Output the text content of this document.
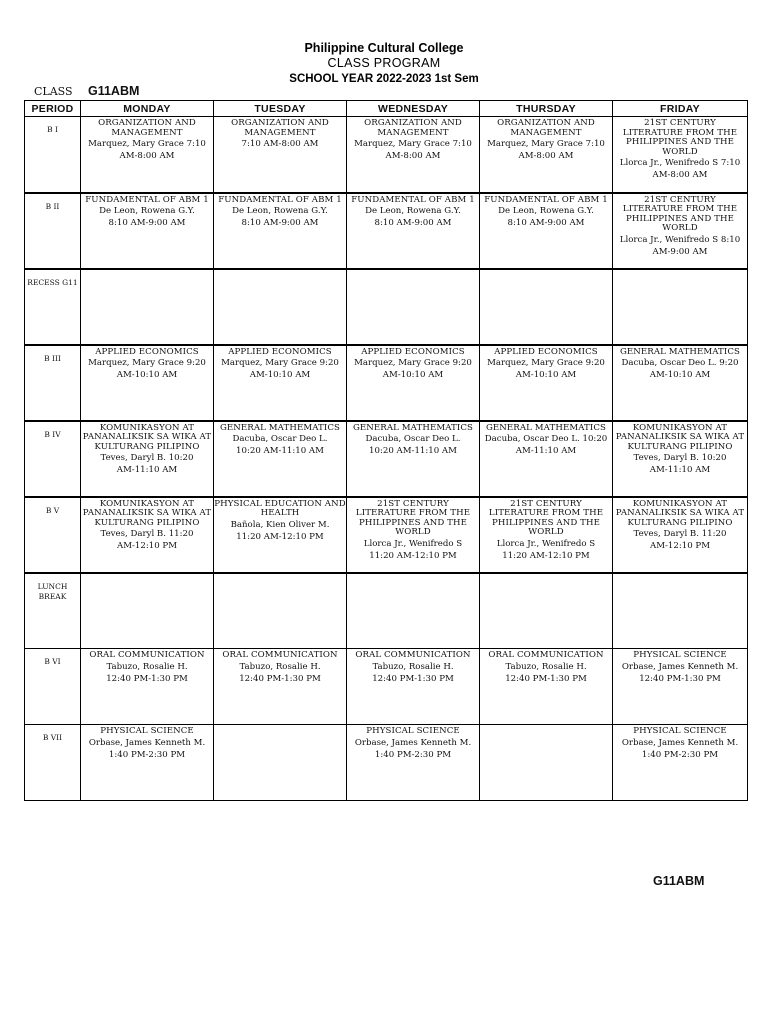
Philippine Cultural College
CLASS PROGRAM
SCHOOL YEAR 2022-2023 1st Sem
CLASS G11ABM
PERIOD	MONDAY	TUESDAY	WEDNESDAY	THURSDAY	FRIDAY
B I	ORGANIZATION AND MANAGEMENT
Marquez, Mary Grace 7:10
AM-8:00 AM	ORGANIZATION AND MANAGEMENT
7:10 AM-8:00 AM	ORGANIZATION AND MANAGEMENT
Marquez, Mary Grace 7:10
AM-8:00 AM	ORGANIZATION AND MANAGEMENT
Marquez, Mary Grace 7:10
AM-8:00 AM	21ST CENTURY LITERATURE FROM THE PHILIPPINES AND THE WORLD
Llorca Jr., Wenifredo S 7:10
AM-8:00 AM

B II	FUNDAMENTAL OF ABM 1
De Leon, Rowena G.Y.
8:10 AM-9:00 AM	FUNDAMENTAL OF ABM 1
De Leon, Rowena G.Y.
8:10 AM-9:00 AM	FUNDAMENTAL OF ABM 1
De Leon, Rowena G.Y.
8:10 AM-9:00 AM	FUNDAMENTAL OF ABM 1
De Leon, Rowena G.Y.
8:10 AM-9:00 AM	21ST CENTURY LITERATURE FROM THE PHILIPPINES AND THE WORLD
Llorca Jr., Wenifredo S 8:10
AM-9:00 AM

RECESS G11	

B III	APPLIED ECONOMICS
Marquez, Mary Grace 9:20
AM-10:10 AM	APPLIED ECONOMICS
Marquez, Mary Grace 9:20
AM-10:10 AM	APPLIED ECONOMICS
Marquez, Mary Grace 9:20
AM-10:10 AM	APPLIED ECONOMICS
Marquez, Mary Grace 9:20
AM-10:10 AM	GENERAL MATHEMATICS
Dacuba, Oscar Deo L. 9:20
AM-10:10 AM

B IV	KOMUNIKASYON AT PANANALIKSIK SA WIKA AT KULTURANG PILIPINO
Teves, Daryl B. 10:20
AM-11:10 AM	GENERAL MATHEMATICS
Dacuba, Oscar Deo L.
10:20 AM-11:10 AM	GENERAL MATHEMATICS
Dacuba, Oscar Deo L.
10:20 AM-11:10 AM	GENERAL MATHEMATICS
Dacuba, Oscar Deo L. 10:20
AM-11:10 AM	KOMUNIKASYON AT PANANALIKSIK SA WIKA AT KULTURANG PILIPINO
Teves, Daryl B. 10:20
AM-11:10 AM

B V	KOMUNIKASYON AT PANANALIKSIK SA WIKA AT KULTURANG PILIPINO
Teves, Daryl B. 11:20
AM-12:10 PM	PHYSICAL EDUCATION AND HEALTH
Bañola, Kien Oliver M.
11:20 AM-12:10 PM	21ST CENTURY LITERATURE FROM THE PHILIPPINES AND THE WORLD
Llorca Jr., Wenifredo S
11:20 AM-12:10 PM	21ST CENTURY LITERATURE FROM THE PHILIPPINES AND THE WORLD
Llorca Jr., Wenifredo S
11:20 AM-12:10 PM	KOMUNIKASYON AT PANANALIKSIK SA WIKA AT KULTURANG PILIPINO
Teves, Daryl B. 11:20
AM-12:10 PM

LUNCH BREAK	

B VI	ORAL COMMUNICATION
Tabuzo, Rosalie H.
12:40 PM-1:30 PM	ORAL COMMUNICATION
Tabuzo, Rosalie H.
12:40 PM-1:30 PM	ORAL COMMUNICATION
Tabuzo, Rosalie H.
12:40 PM-1:30 PM	ORAL COMMUNICATION
Tabuzo, Rosalie H.
12:40 PM-1:30 PM	PHYSICAL SCIENCE
Orbase, James Kenneth M.
12:40 PM-1:30 PM

B VII	PHYSICAL SCIENCE
Orbase, James Kenneth M.
1:40 PM-2:30 PM		PHYSICAL SCIENCE
Orbase, James Kenneth M.
1:40 PM-2:30 PM		PHYSICAL SCIENCE
Orbase, James Kenneth M.
1:40 PM-2:30 PM
G11ABM
